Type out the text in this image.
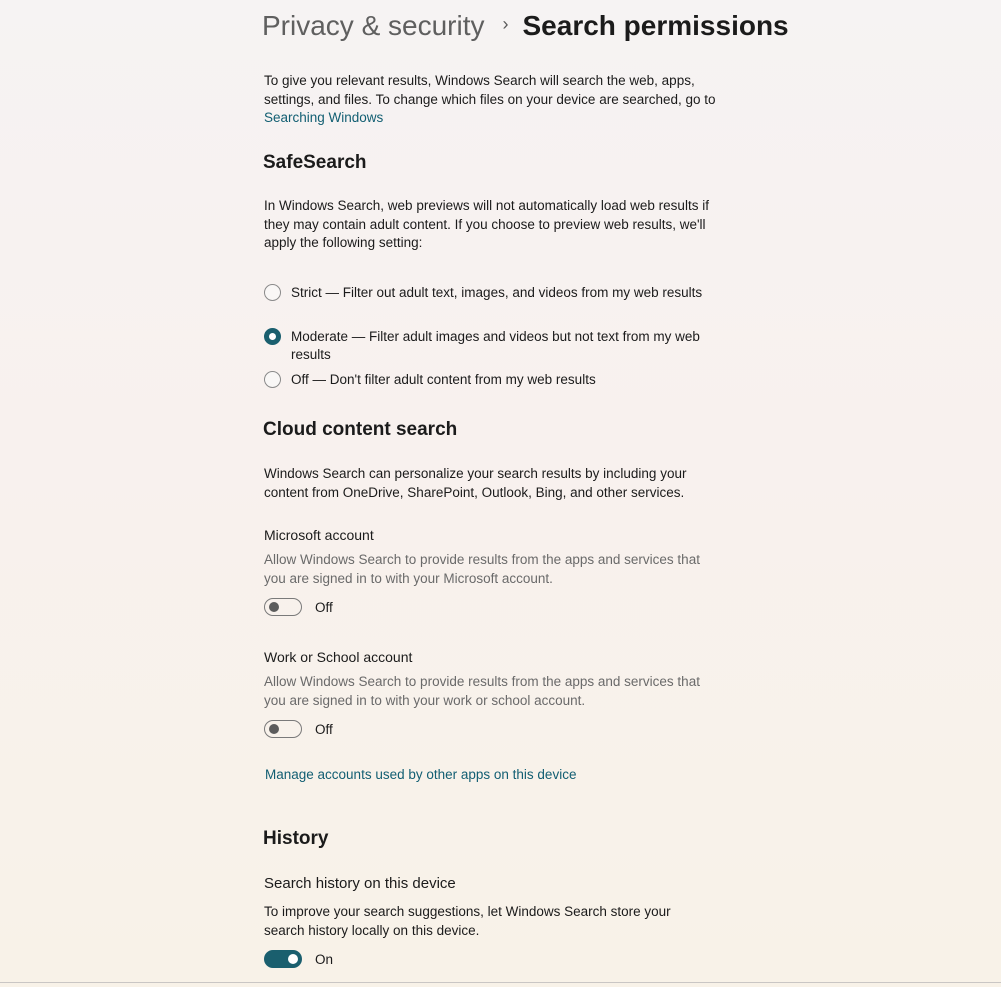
Privacy & security › Search permissions
To give you relevant results, Windows Search will search the web, apps, settings, and files. To change which files on your device are searched, go to Searching Windows
SafeSearch
In Windows Search, web previews will not automatically load web results if they may contain adult content. If you choose to preview web results, we'll apply the following setting:
Strict — Filter out adult text, images, and videos from my web results
Moderate — Filter adult images and videos but not text from my web results
Off — Don't filter adult content from my web results
Cloud content search
Windows Search can personalize your search results by including your content from OneDrive, SharePoint, Outlook, Bing, and other services.
Microsoft account
Allow Windows Search to provide results from the apps and services that you are signed in to with your Microsoft account.
Off
Work or School account
Allow Windows Search to provide results from the apps and services that you are signed in to with your work or school account.
Off
Manage accounts used by other apps on this device
History
Search history on this device
To improve your search suggestions, let Windows Search store your search history locally on this device.
On
